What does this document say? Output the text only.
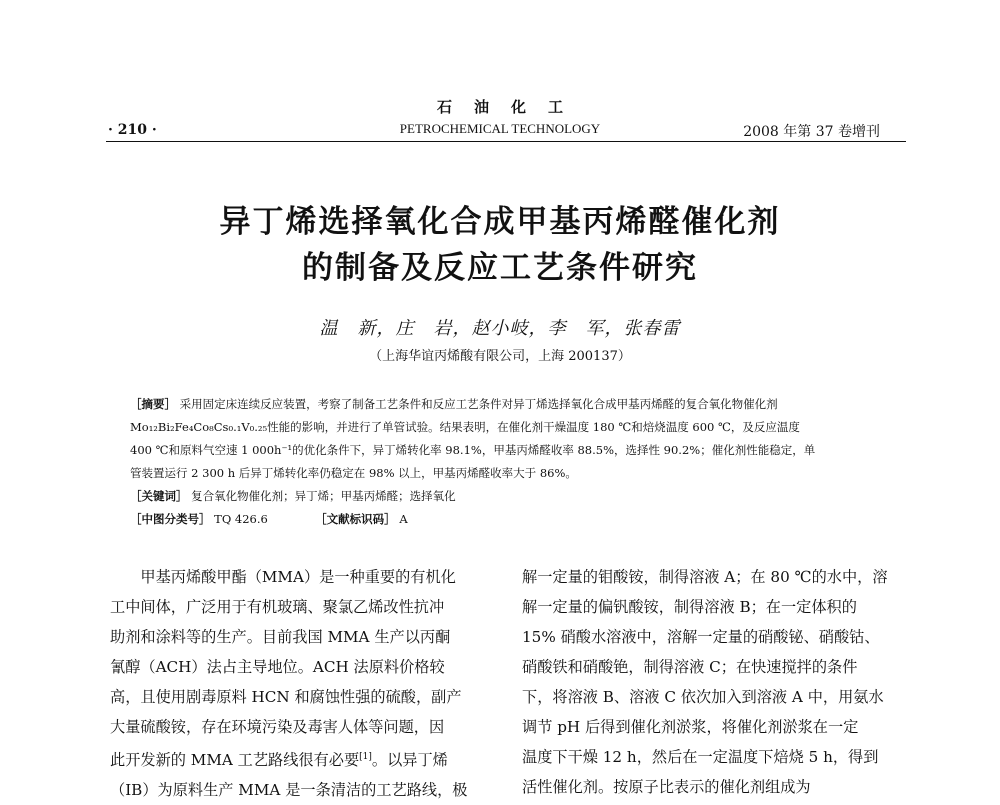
石油化工
· 210 ·	PETROCHEMICAL TECHNOLOGY	2008 年第 37 卷增刊
异丁烯选择氧化合成甲基丙烯醛催化剂
的制备及反应工艺条件研究
温　新，庄　岩，赵小岐，李　军，张春雷
（上海华谊丙烯酸有限公司，上海 200137）
［摘要］ 采用固定床连续反应装置，考察了制备工艺条件和反应工艺条件对异丁烯选择氧化合成甲基丙烯醛的复合氧化物催化剂
Mo₁₂Bi₂Fe₄Co₈Cs₀.₁V₀.₂₅性能的影响，并进行了单管试验。结果表明，在催化剂干燥温度 180 ℃和焙烧温度 600 ℃，及反应温度
400 ℃和原料气空速 1 000h⁻¹的优化条件下，异丁烯转化率 98.1%，甲基丙烯醛收率 88.5%，选择性 90.2%；催化剂性能稳定，单
管装置运行 2 300 h 后异丁烯转化率仍稳定在 98% 以上，甲基丙烯醛收率大于 86%。
［关键词］ 复合氧化物催化剂；异丁烯；甲基丙烯醛；选择氧化
［中图分类号］ TQ 426.6	［文献标识码］ A
　　甲基丙烯酸甲酯（MMA）是一种重要的有机化
工中间体，广泛用于有机玻璃、聚氯乙烯改性抗冲
助剂和涂料等的生产。目前我国 MMA 生产以丙酮
氰醇（ACH）法占主导地位。ACH 法原料价格较
高，且使用剧毒原料 HCN 和腐蚀性强的硫酸，副产
大量硫酸铵，存在环境污染及毒害人体等问题，因
此开发新的 MMA 工艺路线很有必要[1]。以异丁烯
（IB）为原料生产 MMA 是一条清洁的工艺路线，极
解一定量的钼酸铵，制得溶液 A；在 80 ℃的水中，溶
解一定量的偏钒酸铵，制得溶液 B；在一定体积的
15% 硝酸水溶液中，溶解一定量的硝酸铋、硝酸钴、
硝酸铁和硝酸铯，制得溶液 C；在快速搅拌的条件
下，将溶液 B、溶液 C 依次加入到溶液 A 中，用氨水
调节 pH 后得到催化剂淤浆，将催化剂淤浆在一定
温度下干燥 12 h，然后在一定温度下焙烧 5 h，得到
活性催化剂。按原子比表示的催化剂组成为
